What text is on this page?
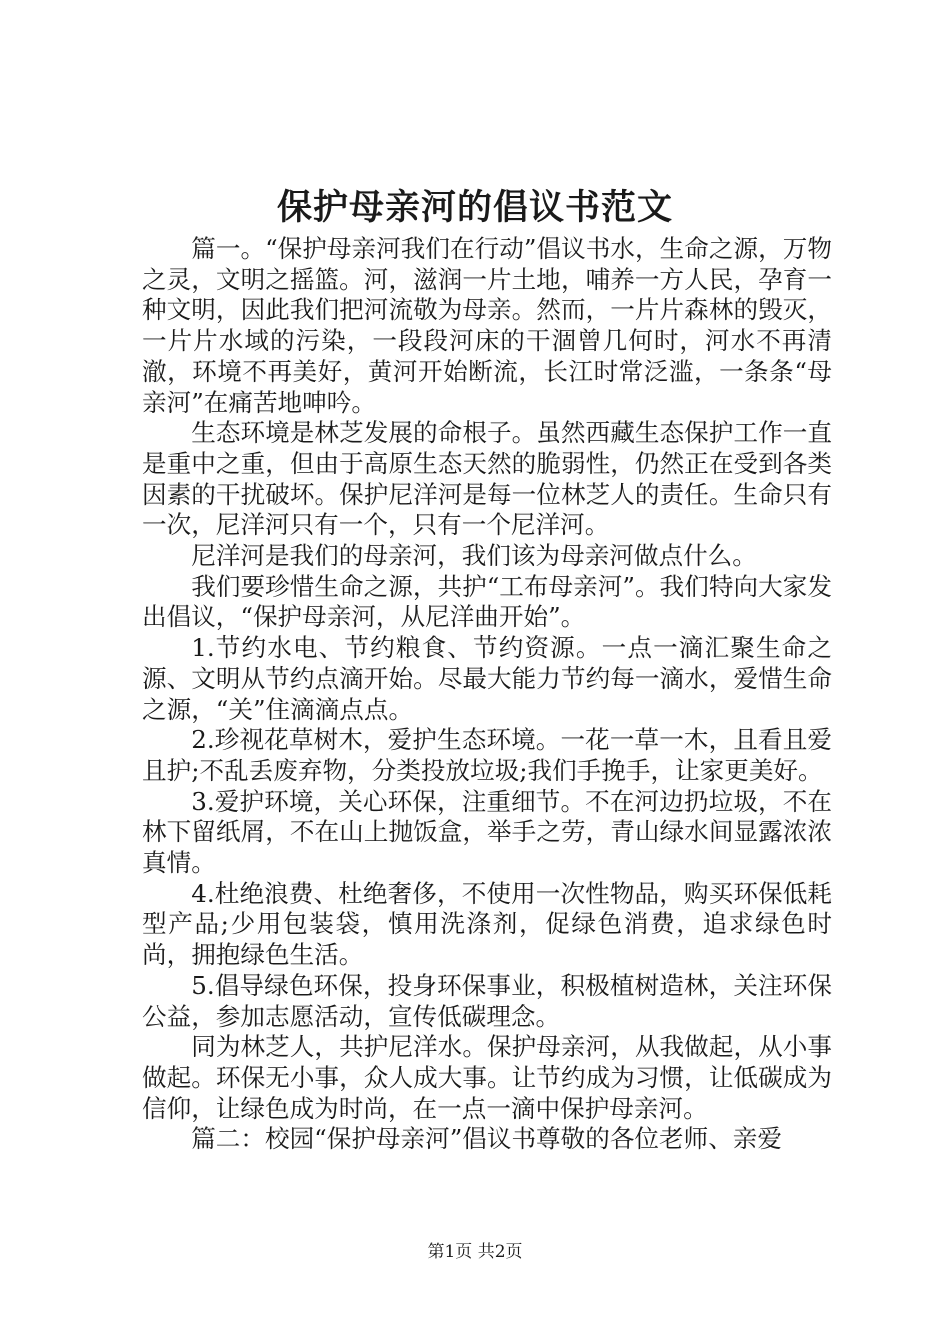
保护母亲河的倡议书范文

篇一。“保护母亲河我们在行动”倡议书水，生命之源，万物之灵，文明之摇篮。河，滋润一片土地，哺养一方人民，孕育一种文明，因此我们把河流敬为母亲。然而，一片片森林的毁灭，一片片水域的污染，一段段河床的干涸曾几何时，河水不再清澈，环境不再美好，黄河开始断流，长江时常泛滥，一条条“母亲河”在痛苦地呻吟。

生态环境是林芝发展的命根子。虽然西藏生态保护工作一直是重中之重，但由于高原生态天然的脆弱性，仍然正在受到各类因素的干扰破坏。保护尼洋河是每一位林芝人的责任。生命只有一次，尼洋河只有一个，只有一个尼洋河。

尼洋河是我们的母亲河，我们该为母亲河做点什么。

我们要珍惜生命之源，共护“工布母亲河”。我们特向大家发出倡议，“保护母亲河，从尼洋曲开始”。

1.节约水电、节约粮食、节约资源。一点一滴汇聚生命之源、文明从节约点滴开始。尽最大能力节约每一滴水，爱惜生命之源，“关”住滴滴点点。

2.珍视花草树木，爱护生态环境。一花一草一木，且看且爱且护;不乱丢废弃物，分类投放垃圾;我们手挽手，让家更美好。

3.爱护环境，关心环保，注重细节。不在河边扔垃圾，不在林下留纸屑，不在山上抛饭盒，举手之劳，青山绿水间显露浓浓真情。

4.杜绝浪费、杜绝奢侈，不使用一次性物品，购买环保低耗型产品;少用包装袋，慎用洗涤剂，促绿色消费，追求绿色时尚，拥抱绿色生活。

5.倡导绿色环保，投身环保事业，积极植树造林，关注环保公益，参加志愿活动，宣传低碳理念。

同为林芝人，共护尼洋水。保护母亲河，从我做起，从小事做起。环保无小事，众人成大事。让节约成为习惯，让低碳成为信仰，让绿色成为时尚，在一点一滴中保护母亲河。

篇二：校园“保护母亲河”倡议书尊敬的各位老师、亲爱

第1页 共2页
